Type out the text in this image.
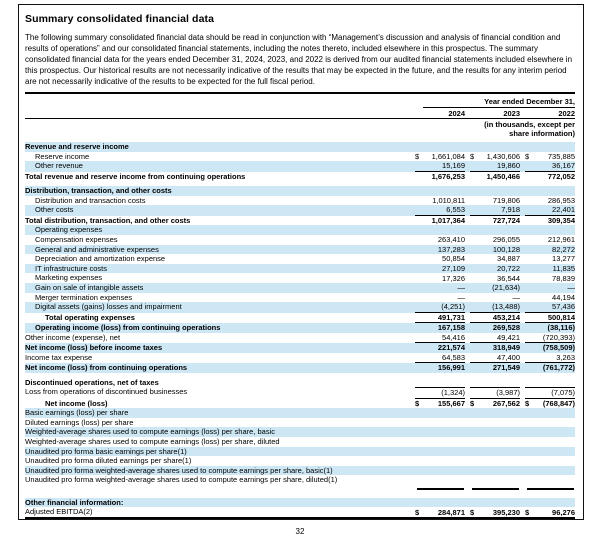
Summary consolidated financial data

The following summary consolidated financial data should be read in conjunction with “Management’s discussion and analysis of financial condition and results of operations” and our consolidated financial statements, including the notes thereto, included elsewhere in this prospectus. The summary consolidated financial data for the years ended December 31, 2024, 2023, and 2022 is derived from our audited financial statements included elsewhere in this prospectus. Our historical results are not necessarily indicative of the results that may be expected in the future, and the results for any interim period are not necessarily indicative of the results to be expected for the full fiscal period.

Year ended December 31,
2024	2023	2022
(in thousands, except per share information)
Revenue and reserve income
Reserve income	$	1,661,084 $	1,430,606 $	735,885
Other revenue	15,169	19,860	36,167
Total revenue and reserve income from continuing operations	1,676,253	1,450,466	772,052
Distribution, transaction, and other costs
Distribution and transaction costs	1,010,811	719,806	286,953
Other costs	6,553	7,918	22,401
Total distribution, transaction, and other costs	1,017,364	727,724	309,354
Operating expenses
Compensation expenses	263,410	296,055	212,961
General and administrative expenses	137,283	100,128	82,272
Depreciation and amortization expense	50,854	34,887	13,277
IT infrastructure costs	27,109	20,722	11,835
Marketing expenses	17,326	36,544	78,839
Gain on sale of intangible assets	—	(21,634)	—
Merger termination expenses	—	—	44,194
Digital assets (gains) losses and impairment	(4,251)	(13,488)	57,436
Total operating expenses	491,731	453,214	500,814
Operating income (loss) from continuing operations	167,158	269,528	(38,116)
Other income (expense), net	54,416	49,421	(720,393)
Net income (loss) before income taxes	221,574	318,949	(758,509)
Income tax expense	64,583	47,400	3,263
Net income (loss) from continuing operations	156,991	271,549	(761,772)
Discontinued operations, net of taxes
Loss from operations of discontinued businesses	(1,324)	(3,987)	(7,075)
Net income (loss)	$	155,667 $	267,562 $	(768,847)
Basic earnings (loss) per share
Diluted earnings (loss) per share
Weighted-average shares used to compute earnings (loss) per share, basic
Weighted-average shares used to compute earnings (loss) per share, diluted
Unaudited pro forma basic earnings per share(1)
Unaudited pro forma diluted earnings per share(1)
Unaudited pro forma weighted-average shares used to compute earnings per share, basic(1)
Unaudited pro forma weighted-average shares used to compute earnings per share, diluted(1)
Other financial information:
Adjusted EBITDA(2)	$	284,871 $	395,230 $	96,276
32
